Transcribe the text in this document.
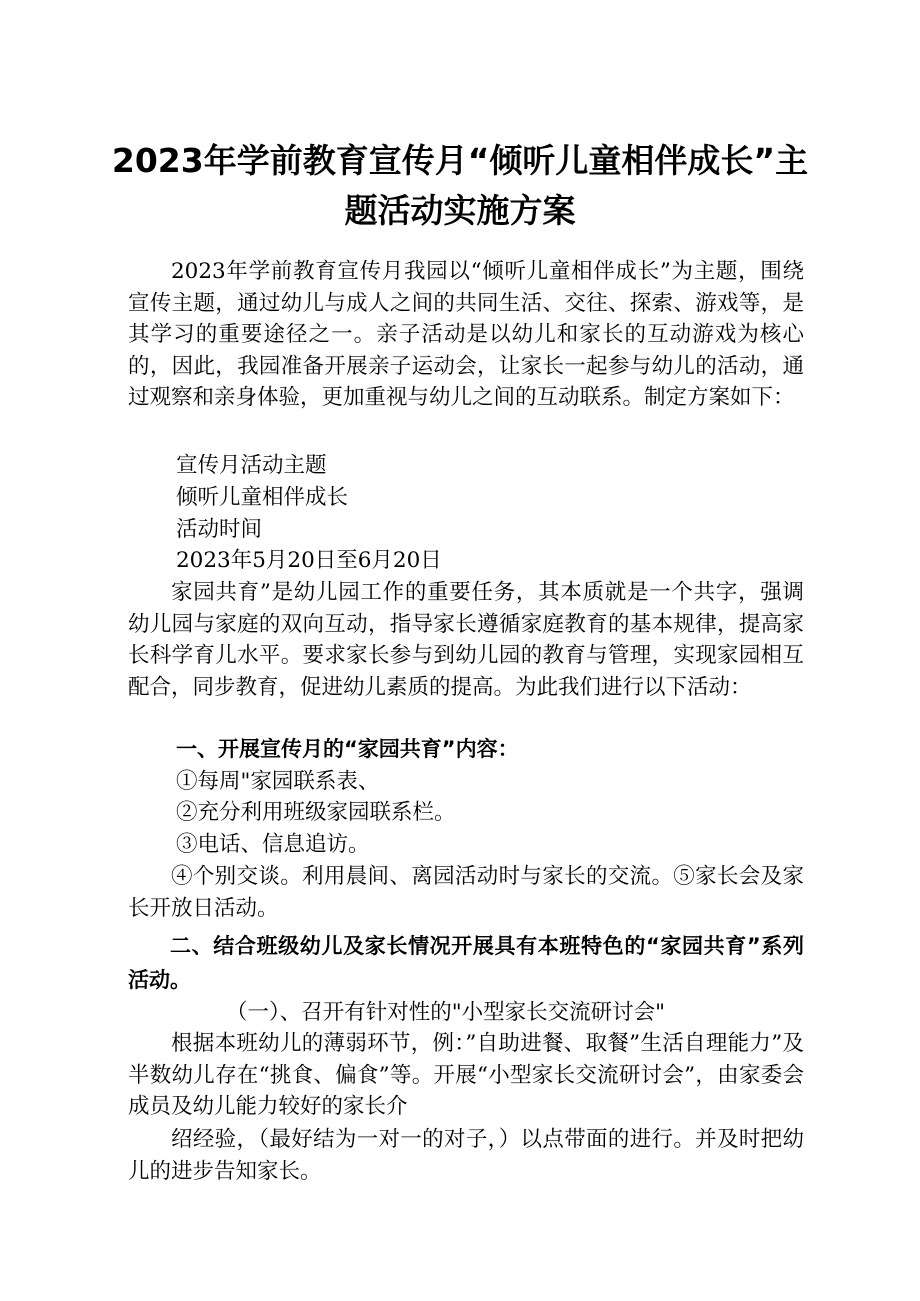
2023年学前教育宣传月“倾听儿童相伴成长”主题活动实施方案
2023年学前教育宣传月我园以“倾听儿童相伴成长”为主题，围绕宣传主题，通过幼儿与成人之间的共同生活、交往、探索、游戏等，是其学习的重要途径之一。亲子活动是以幼儿和家长的互动游戏为核心的，因此，我园准备开展亲子运动会，让家长一起参与幼儿的活动，通过观察和亲身体验，更加重视与幼儿之间的互动联系。制定方案如下：
宣传月活动主题
倾听儿童相伴成长
活动时间
2023年5月20日至6月20日
家园共育”是幼儿园工作的重要任务，其本质就是一个共字，强调幼儿园与家庭的双向互动，指导家长遵循家庭教育的基本规律，提高家长科学育儿水平。要求家长参与到幼儿园的教育与管理，实现家园相互配合，同步教育，促进幼儿素质的提高。为此我们进行以下活动：
一、开展宣传月的“家园共育”内容：
①每周"家园联系表、
②充分利用班级家园联系栏。
③电话、信息追访。
④个别交谈。利用晨间、离园活动时与家长的交流。⑤家长会及家长开放日活动。
二、结合班级幼儿及家长情况开展具有本班特色的“家园共育”系列活动。
（一）、召开有针对性的"小型家长交流研讨会"
根据本班幼儿的薄弱环节，例：”自助进餐、取餐”生活自理能力”及半数幼儿存在“挑食、偏食”等。开展“小型家长交流研讨会”，由家委会成员及幼儿能力较好的家长介
绍经验，（最好结为一对一的对子，）以点带面的进行。并及时把幼儿的进步告知家长。
